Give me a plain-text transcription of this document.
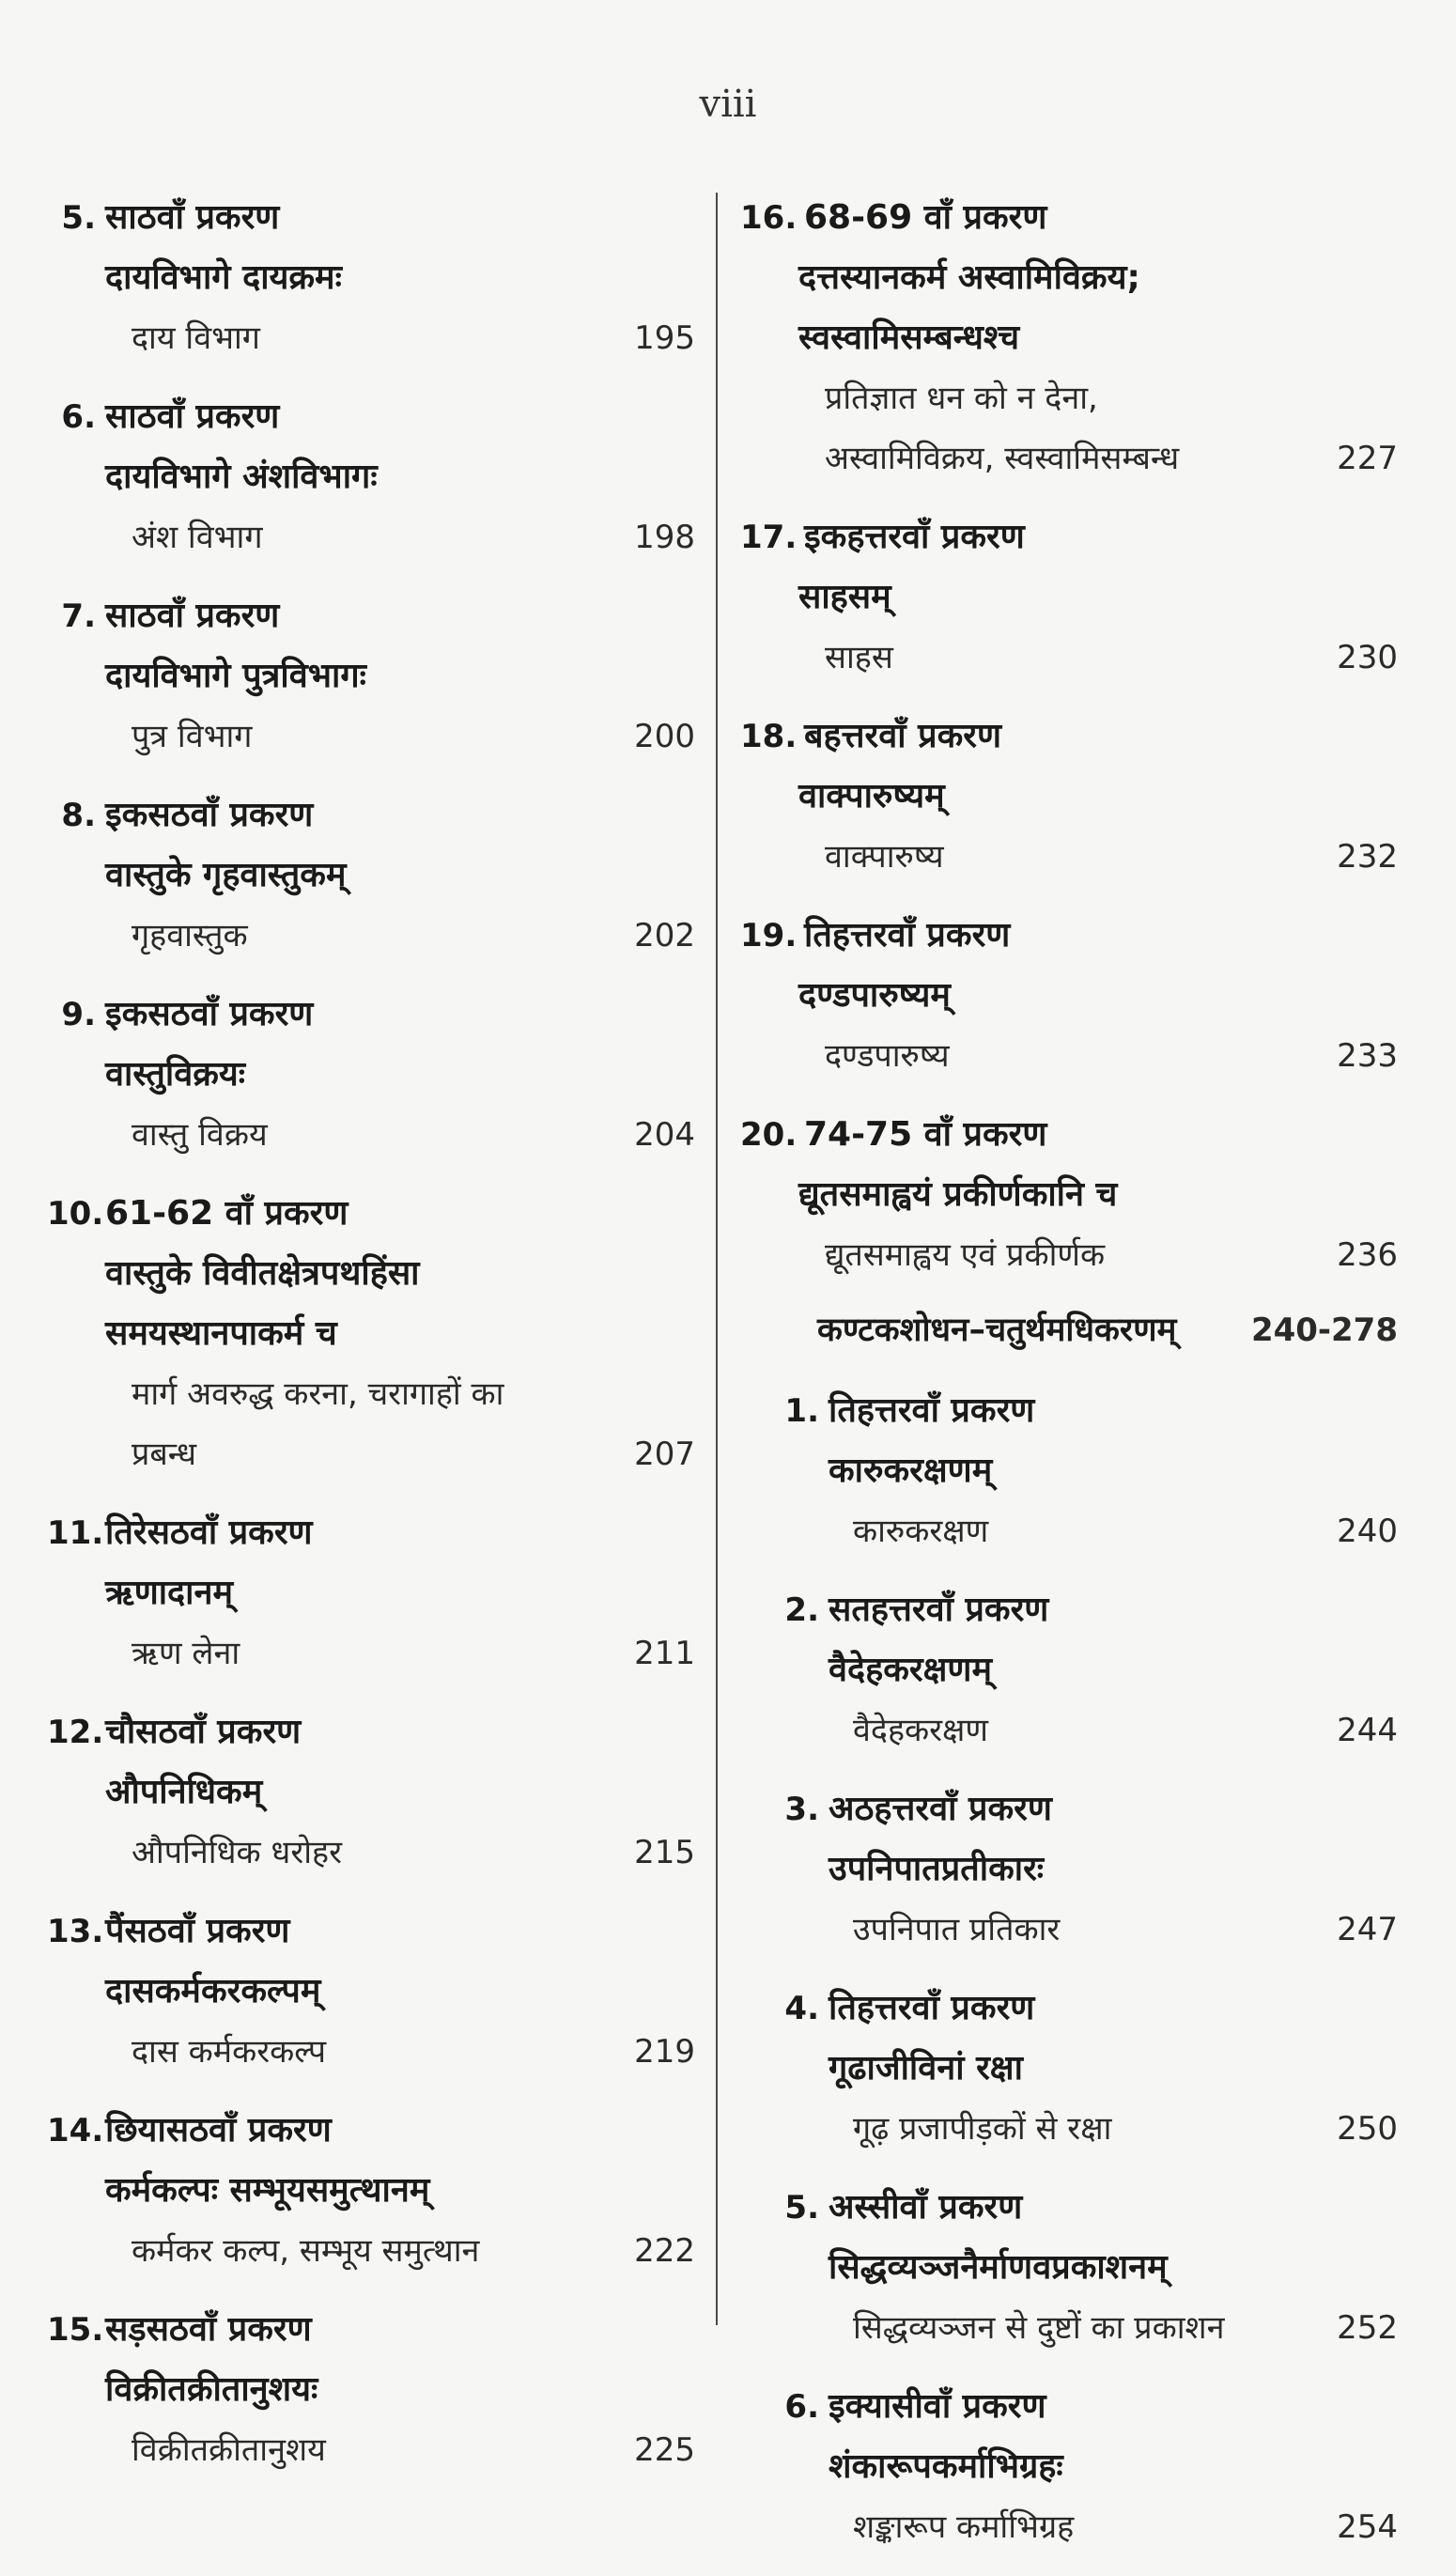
viii
5. साठवाँ प्रकरण
दायविभागे दायक्रमः
दाय विभाग	195
6. साठवाँ प्रकरण
दायविभागे अंशविभागः
अंश विभाग	198
7. साठवाँ प्रकरण
दायविभागे पुत्रविभागः
पुत्र विभाग	200
8. इकसठवाँ प्रकरण
वास्तुके गृहवास्तुकम्
गृहवास्तुक	202
9. इकसठवाँ प्रकरण
वास्तुविक्रयः
वास्तु विक्रय	204
10.61-62 वाँ प्रकरण
वास्तुके विवीतक्षेत्रपथहिंसा
समयस्थानपाकर्म च
मार्ग अवरुद्ध करना, चरागाहों का
प्रबन्ध	207
11.तिरेसठवाँ प्रकरण
ऋणादानम्
ऋण लेना	211
12.चौसठवाँ प्रकरण
औपनिधिकम्
औपनिधिक धरोहर	215
13.पैंसठवाँ प्रकरण
दासकर्मकरकल्पम्
दास कर्मकरकल्प	219
14.छियासठवाँ प्रकरण
कर्मकल्पः सम्भूयसमुत्थानम्
कर्मकर कल्प, सम्भूय समुत्थान	222
15.सड़सठवाँ प्रकरण
विक्रीतक्रीतानुशयः
विक्रीतक्रीतानुशय	225
16. 68-69 वाँ प्रकरण
दत्तस्यानकर्म अस्वामिविक्रय;
स्वस्वामिसम्बन्धश्च
प्रतिज्ञात धन को न देना,
अस्वामिविक्रय, स्वस्वामिसम्बन्ध	227
17. इकहत्तरवाँ प्रकरण
साहसम्
साहस	230
18. बहत्तरवाँ प्रकरण
वाक्पारुष्यम्
वाक्पारुष्य	232
19. तिहत्तरवाँ प्रकरण
दण्डपारुष्यम्
दण्डपारुष्य	233
20. 74-75 वाँ प्रकरण
द्यूतसमाह्वयं प्रकीर्णकानि च
द्यूतसमाह्वय एवं प्रकीर्णक	236
कण्टकशोधन–चतुर्थमधिकरणम् 240-278
1. तिहत्तरवाँ प्रकरण
कारुकरक्षणम्
कारुकरक्षण	240
2. सतहत्तरवाँ प्रकरण
वैदेहकरक्षणम्
वैदेहकरक्षण	244
3. अठहत्तरवाँ प्रकरण
उपनिपातप्रतीकारः
उपनिपात प्रतिकार	247
4. तिहत्तरवाँ प्रकरण
गूढाजीविनां रक्षा
गूढ़ प्रजापीड़कों से रक्षा	250
5. अस्सीवाँ प्रकरण
सिद्धव्यञ्जनैर्माणवप्रकाशनम्
सिद्धव्यञ्जन से दुष्टों का प्रकाशन	252
6. इक्यासीवाँ प्रकरण
शंकारूपकर्माभिग्रहः
शङ्कारूप कर्माभिग्रह	254
